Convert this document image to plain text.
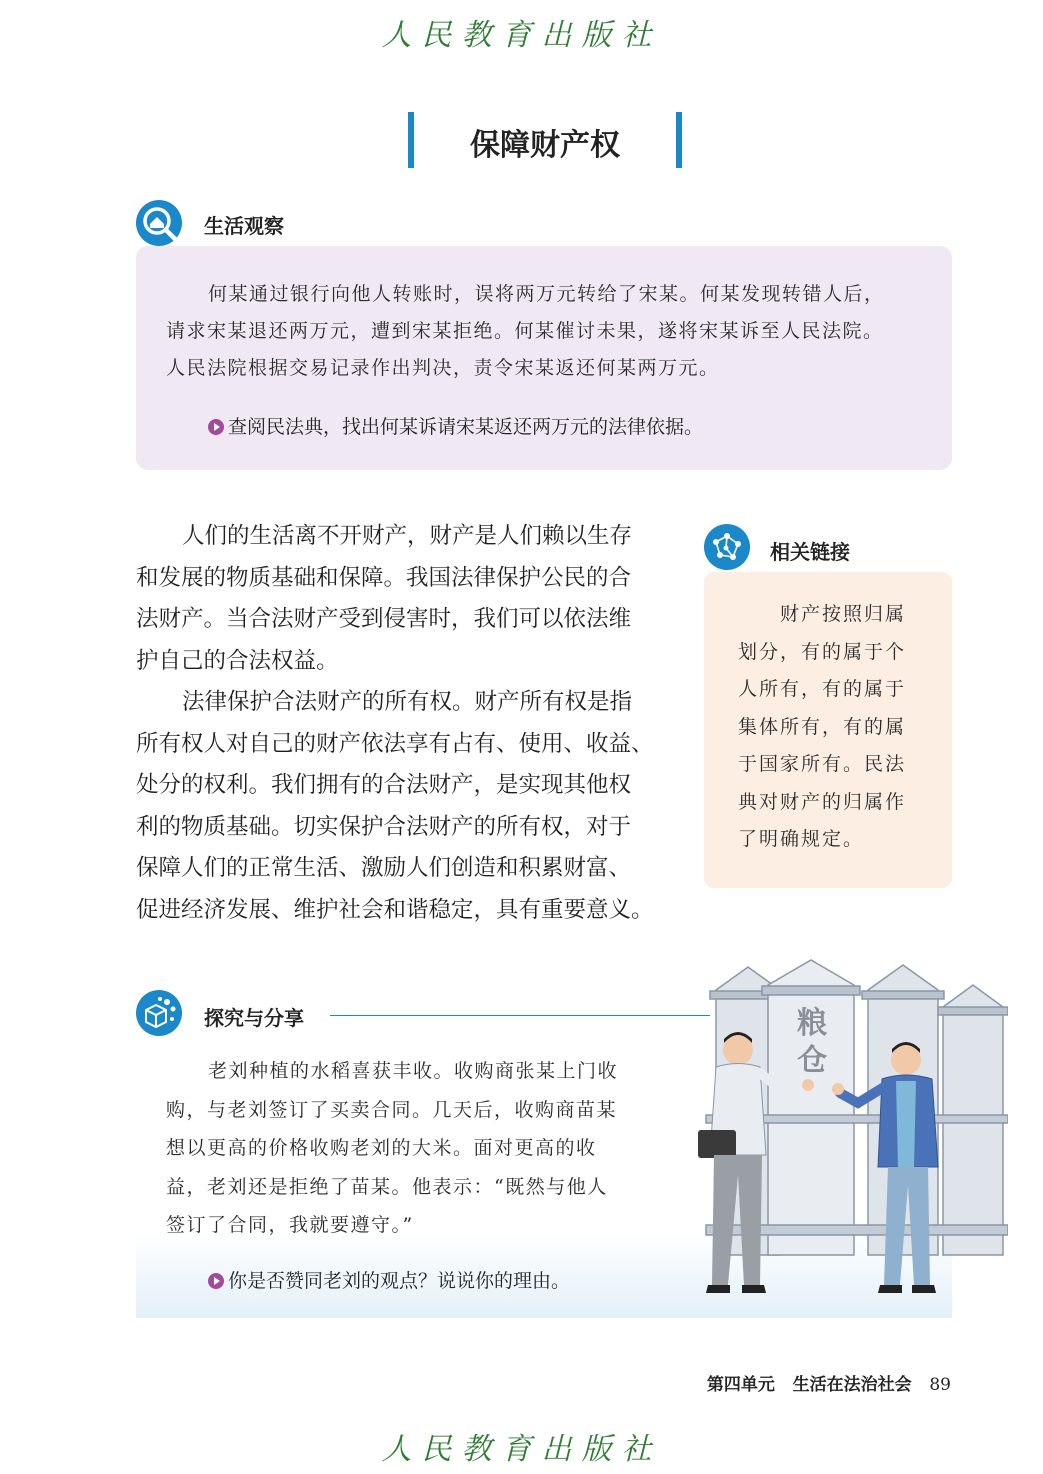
人民教育出版社
保障财产权
生活观察
何某通过银行向他人转账时，误将两万元转给了宋某。何某发现转错人后，
请求宋某退还两万元，遭到宋某拒绝。何某催讨未果，遂将宋某诉至人民法院。
人民法院根据交易记录作出判决，责令宋某返还何某两万元。
查阅民法典，找出何某诉请宋某返还两万元的法律依据。
人们的生活离不开财产，财产是人们赖以生存
和发展的物质基础和保障。我国法律保护公民的合
法财产。当合法财产受到侵害时，我们可以依法维
护自己的合法权益。
法律保护合法财产的所有权。财产所有权是指
所有权人对自己的财产依法享有占有、使用、收益、
处分的权利。我们拥有的合法财产，是实现其他权
利的物质基础。切实保护合法财产的所有权，对于
保障人们的正常生活、激励人们创造和积累财富、
促进经济发展、维护社会和谐稳定，具有重要意义。
相关链接
财产按照归属
划分，有的属于个
人所有，有的属于
集体所有，有的属
于国家所有。民法
典对财产的归属作
了明确规定。
探究与分享
老刘种植的水稻喜获丰收。收购商张某上门收
购，与老刘签订了买卖合同。几天后，收购商苗某
想以更高的价格收购老刘的大米。面对更高的收
益，老刘还是拒绝了苗某。他表示：“既然与他人
签订了合同，我就要遵守。”
你是否赞同老刘的观点？说说你的理由。
粮
仓
第四单元 生活在法治社会 89
人民教育出版社
